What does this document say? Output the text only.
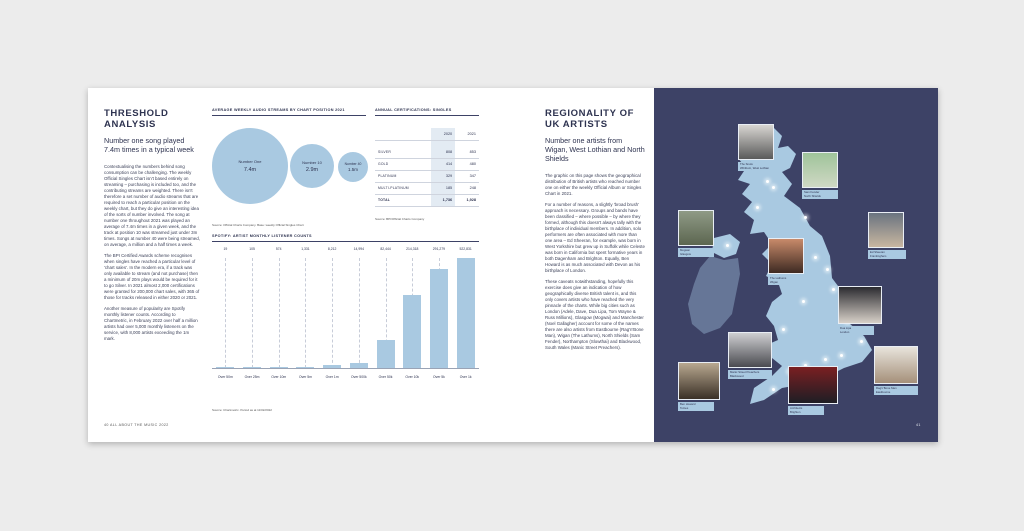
THRESHOLD ANALYSIS
Number one song played 7.4m times in a typical week

Contextualising the numbers behind song consumption can be challenging. The weekly Official Singles Chart isn't based entirely on streaming – purchasing is included too, and the contributing streams are weighted. There isn't therefore a set number of audio streams that are required to reach a particular position on the weekly chart, but they do give an interesting idea of the sorts of number involved. The song at number one throughout 2021 was played an average of 7.4m times in a given week, and the track at position 10 was streamed just under 3m times. Songs at number 40 were being streamed, on average, a million and a half times a week.

The BPI Certified Awards scheme recognises when singles have reached a particular level of 'chart sales'. In the modern era, if a track was only available to stream (and not purchase) then a minimum of 20m plays would be required for it to go Silver. In 2021 almost 2,000 certifications were granted for 200,000 chart sales, with 365 of those for tracks released in either 2020 or 2021.

Another measure of popularity are Spotify monthly listener counts. According to Chartmetric, in February 2022 over half a million artists had over 5,000 monthly listeners on the service, with 8,000 artists exceeding the 1m mark.

AVERAGE WEEKLY AUDIO STREAMS BY CHART POSITION 2021
Number One
7.4m
Number 10
2.9m
Number 40
1.5m
Source: Official Charts Company. Base: weekly Official Singles Chart
ANNUAL CERTIFICATIONS: SINGLES
	2020	2021

SILVER	808	853
GOLD	414	480
PLATINUM	329	347
MULTI-PLATINUM	185	248
TOTAL	1,736	1,928
Source: BPI/Official Charts Company
SPOTIFY: ARTIST MONTHLY LISTENER COUNTS
19
Over 50m
105
Over 25m
574
Over 10m
1,331
Over 5m
8,212
Over 1m
14,994
Over 500k
82,444
Over 50k
214,318
Over 10k
291,279
Over 5k
522,831
Over 1k
Source: Chartmetric. Period as at 11/02/2022
40 ALL ABOUT THE MUSIC 2022
REGIONALITY OF UK ARTISTS
Number one artists from Wigan, West Lothian and North Shields

The graphic on this page shows the geographical distribution of British artists who reached number one on either the weekly Official Album or Singles Chart in 2021.

For a number of reasons, a slightly 'broad brush' approach is necessary. Groups and bands have been classified – where possible – by where they formed, although this doesn't always tally with the birthplace of individual members. In addition, solo performers are often associated with more than one area – Ed Sheeran, for example, was born in West Yorkshire but grew up in Suffolk while Celeste was born in California but spent formative years in both Dagenham and Brighton. Equally, Ben Howard is as much associated with Devon as his birthplace of London.

These caveats notwithstanding, hopefully this exercise does give an indication of how geographically diverse British talent is, and this only covers artists who have reached the very pinnacle of the charts. While big cities such as London (Adele, Dave, Dua Lipa, Tom Wayne & Russ Millions), Glasgow (Mogwai) and Manchester (Noel Gallagher) account for some of the names there are also artists from Eastbourne (Rag'n'Bone Man), Wigan (The Lathums), North Shields (Sam Fender), Northampton (Slowthai) and Blackwood, South Wales (Manic Street Preachers).

The Snuts
Whitburn, West Lothian
Sam Fender
North Shields
Mogwai
Glasgow	Ed Sheeran
Framlingham
The Lathums
Wigan
Dua Lipa
London
Manic Street Preachers
Blackwood
Ben Howard
Totnes	Architects
Brighton
Rag'n'Bone Man
Eastbourne
41
